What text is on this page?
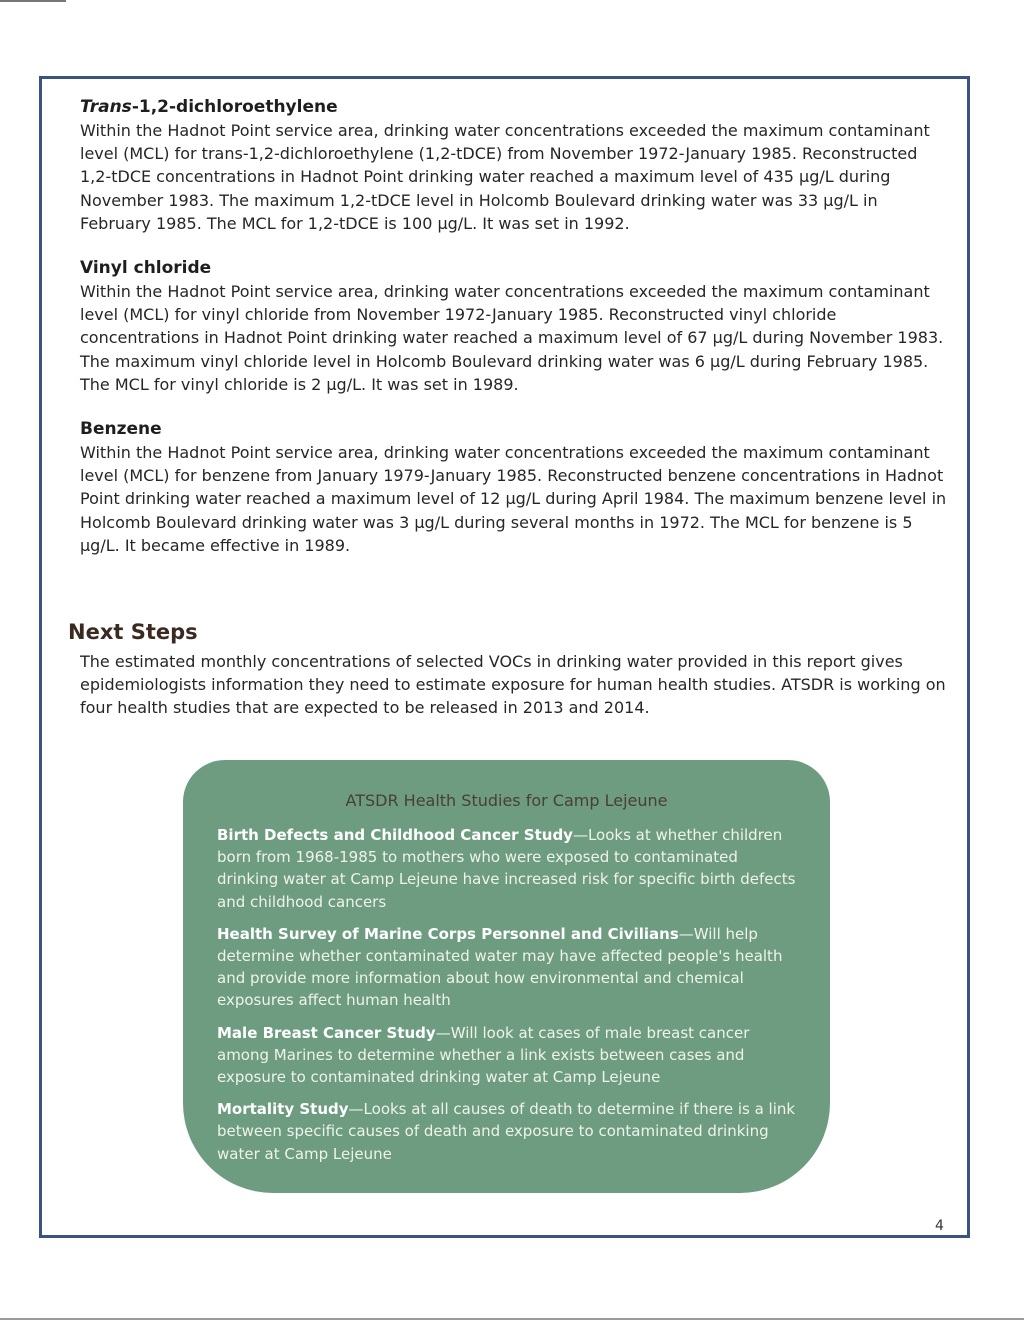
Trans-1,2-dichloroethylene

Within the Hadnot Point service area, drinking water concentrations exceeded the maximum contaminant level (MCL) for trans-1,2-dichloroethylene (1,2-tDCE) from November 1972-January 1985. Reconstructed 1,2-tDCE concentrations in Hadnot Point drinking water reached a maximum level of 435 µg/L during November 1983. The maximum 1,2-tDCE level in Holcomb Boulevard drinking water was 33 µg/L in February 1985. The MCL for 1,2-tDCE is 100 µg/L. It was set in 1992.

Vinyl chloride

Within the Hadnot Point service area, drinking water concentrations exceeded the maximum contaminant level (MCL) for vinyl chloride from November 1972-January 1985. Reconstructed vinyl chloride concentrations in Hadnot Point drinking water reached a maximum level of 67 µg/L during November 1983. The maximum vinyl chloride level in Holcomb Boulevard drinking water was 6 µg/L during February 1985. The MCL for vinyl chloride is 2 µg/L. It was set in 1989.

Benzene

Within the Hadnot Point service area, drinking water concentrations exceeded the maximum contaminant level (MCL) for benzene from January 1979-January 1985. Reconstructed benzene concentrations in Hadnot Point drinking water reached a maximum level of 12 µg/L during April 1984. The maximum benzene level in Holcomb Boulevard drinking water was 3 µg/L during several months in 1972. The MCL for benzene is 5 µg/L. It became effective in 1989.

Next Steps

The estimated monthly concentrations of selected VOCs in drinking water provided in this report gives epidemiologists information they need to estimate exposure for human health studies. ATSDR is working on four health studies that are expected to be released in 2013 and 2014.

ATSDR Health Studies for Camp Lejeune

Birth Defects and Childhood Cancer Study—Looks at whether children born from 1968-1985 to mothers who were exposed to contaminated drinking water at Camp Lejeune have increased risk for specific birth defects and childhood cancers

Health Survey of Marine Corps Personnel and Civilians—Will help determine whether contaminated water may have affected people's health and provide more information about how environmental and chemical exposures affect human health

Male Breast Cancer Study—Will look at cases of male breast cancer among Marines to determine whether a link exists between cases and exposure to contaminated drinking water at Camp Lejeune

Mortality Study—Looks at all causes of death to determine if there is a link between specific causes of death and exposure to contaminated drinking water at Camp Lejeune

4
